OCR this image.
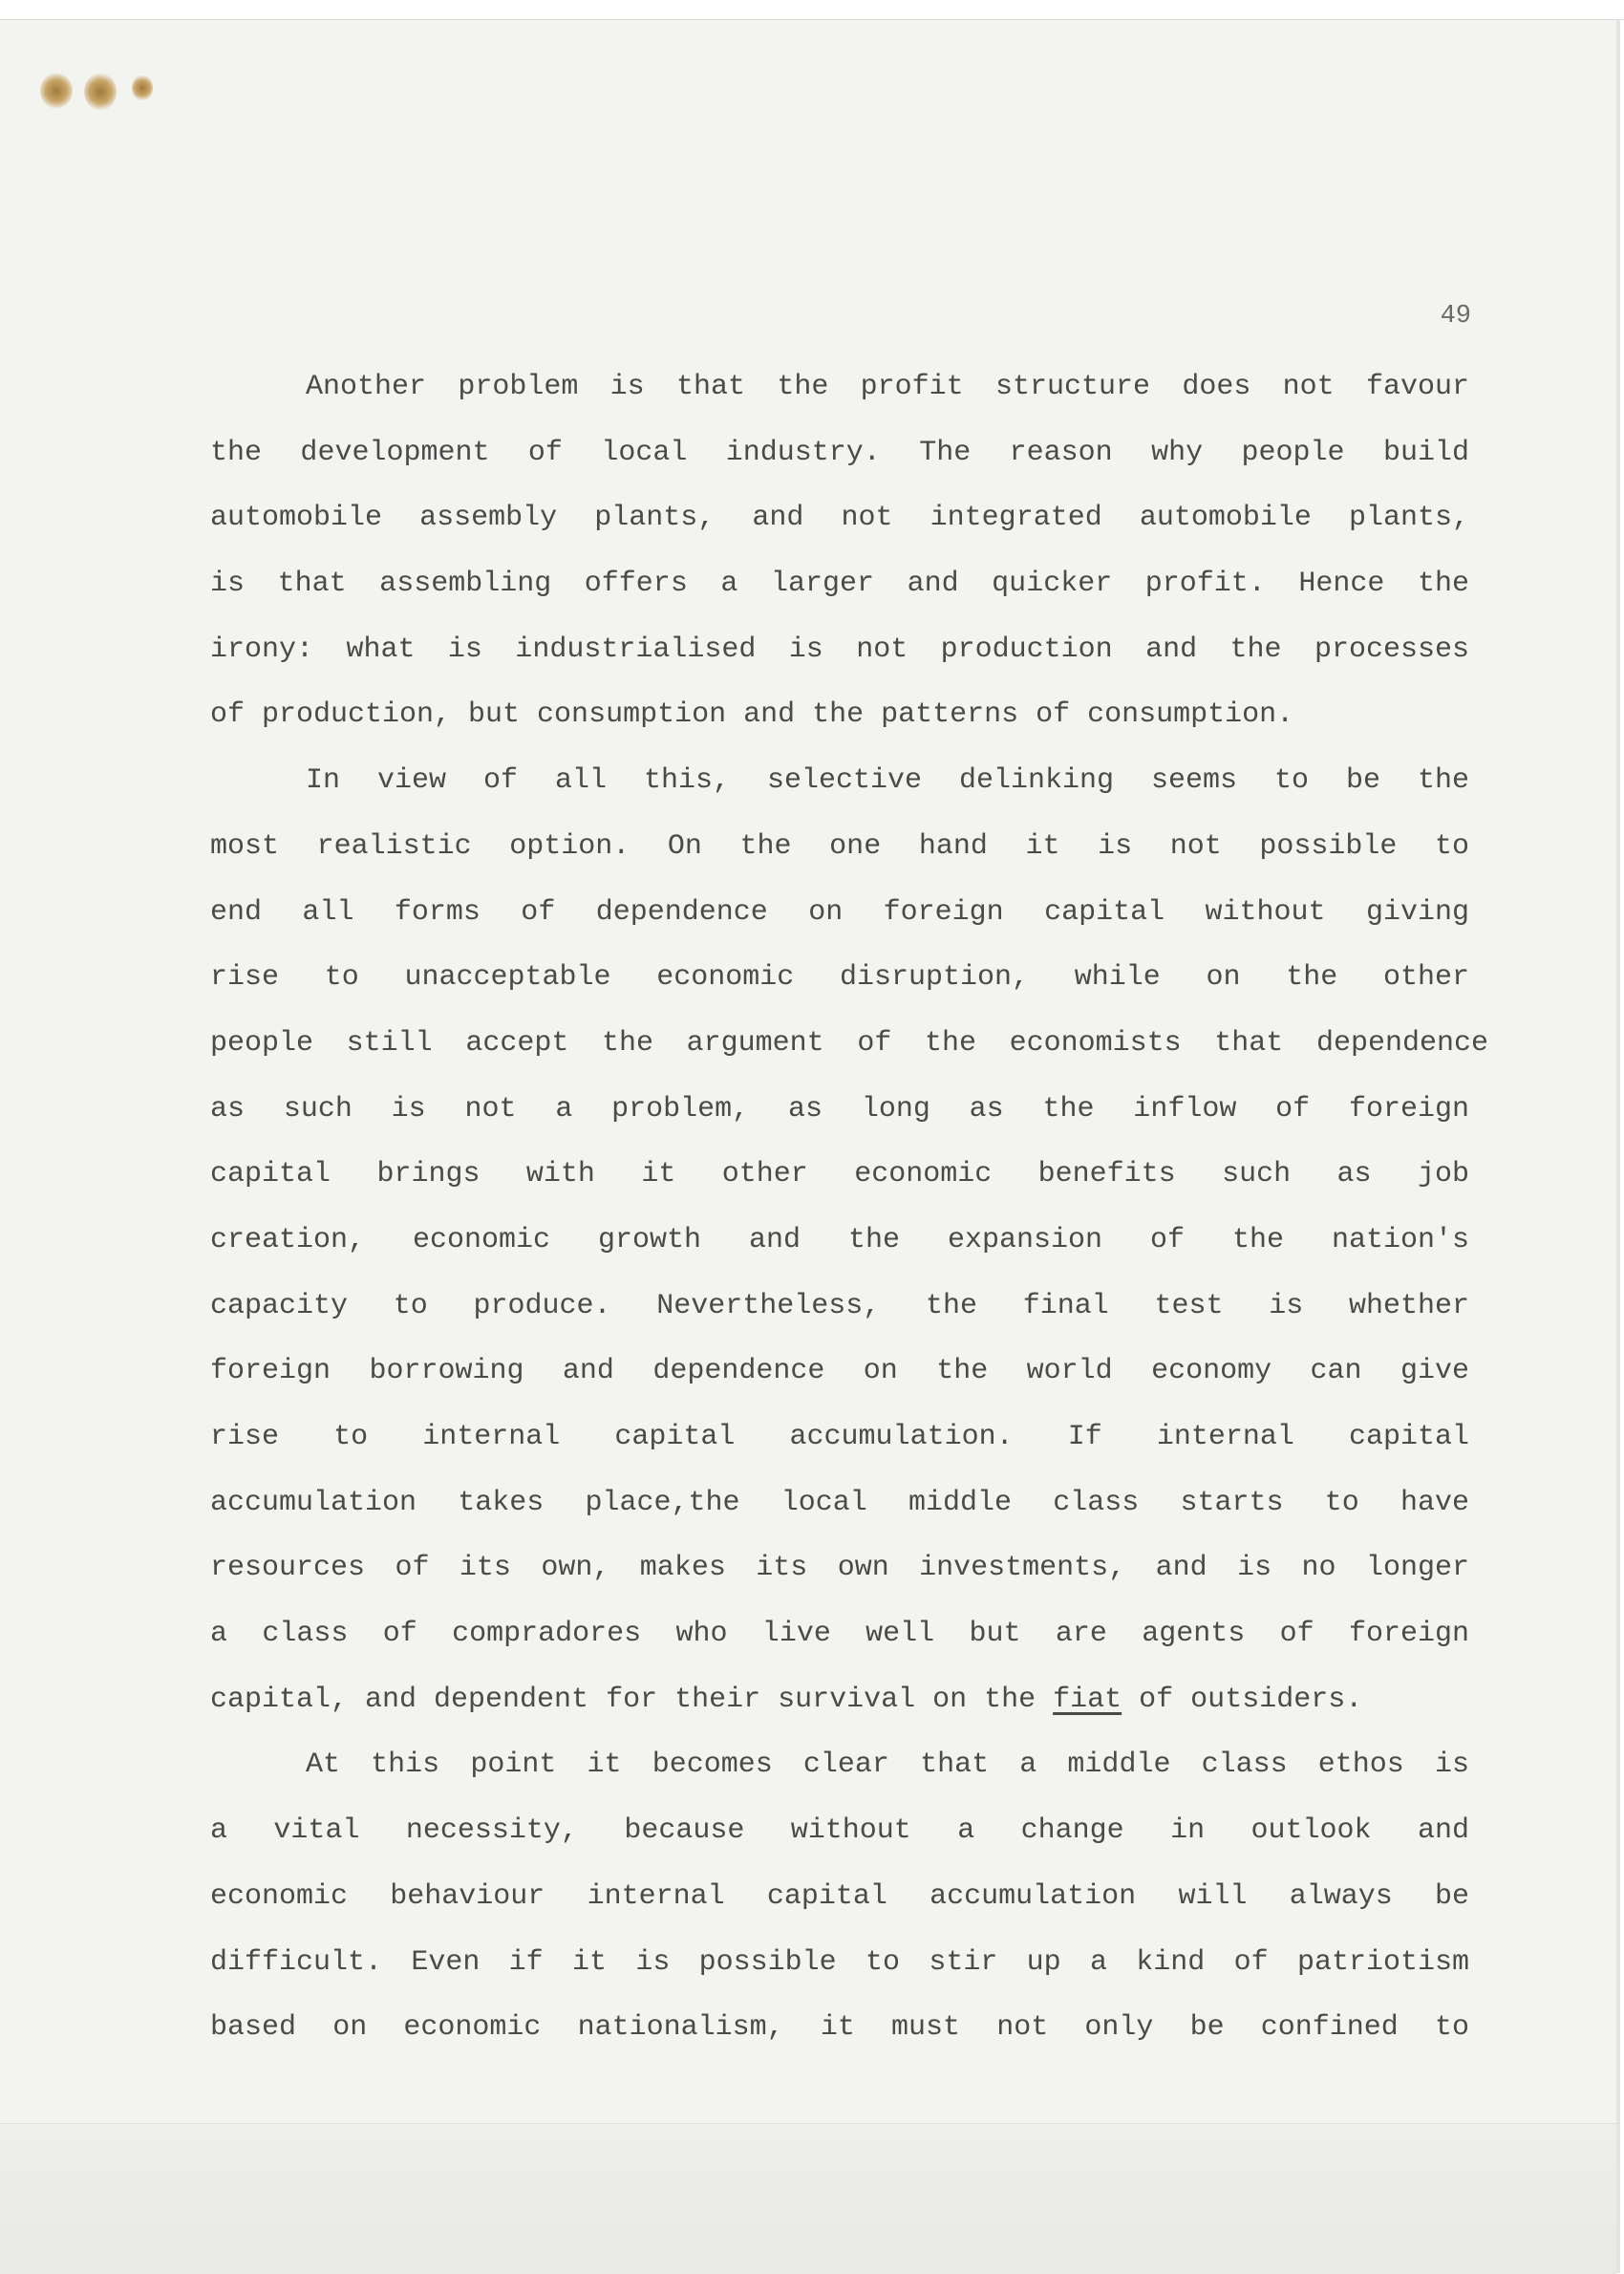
49
Another problem is that the profit structure does not favour
the development of local industry. The reason why people build
automobile assembly plants, and not integrated automobile plants,
is that assembling offers a larger and quicker profit. Hence the
irony: what is industrialised is not production and the processes
of production, but consumption and the patterns of consumption.
In view of all this, selective delinking seems to be the
most realistic option. On the one hand it is not possible to
end all forms of dependence on foreign capital without giving
rise to unacceptable economic disruption, while on the other
people still accept the argument of the economists that dependence
as such is not a problem, as long as the inflow of foreign
capital brings with it other economic benefits such as job
creation, economic growth and the expansion of the nation's
capacity to produce. Nevertheless, the final test is whether
foreign borrowing and dependence on the world economy can give
rise to internal capital accumulation. If internal capital
accumulation takes place,the local middle class starts to have
resources of its own, makes its own investments, and is no longer
a class of compradores who live well but are agents of foreign
capital, and dependent for their survival on the fiat of outsiders.
At this point it becomes clear that a middle class ethos is
a vital necessity, because without a change in outlook and
economic behaviour internal capital accumulation will always be
difficult. Even if it is possible to stir up a kind of patriotism
based on economic nationalism, it must not only be confined to
